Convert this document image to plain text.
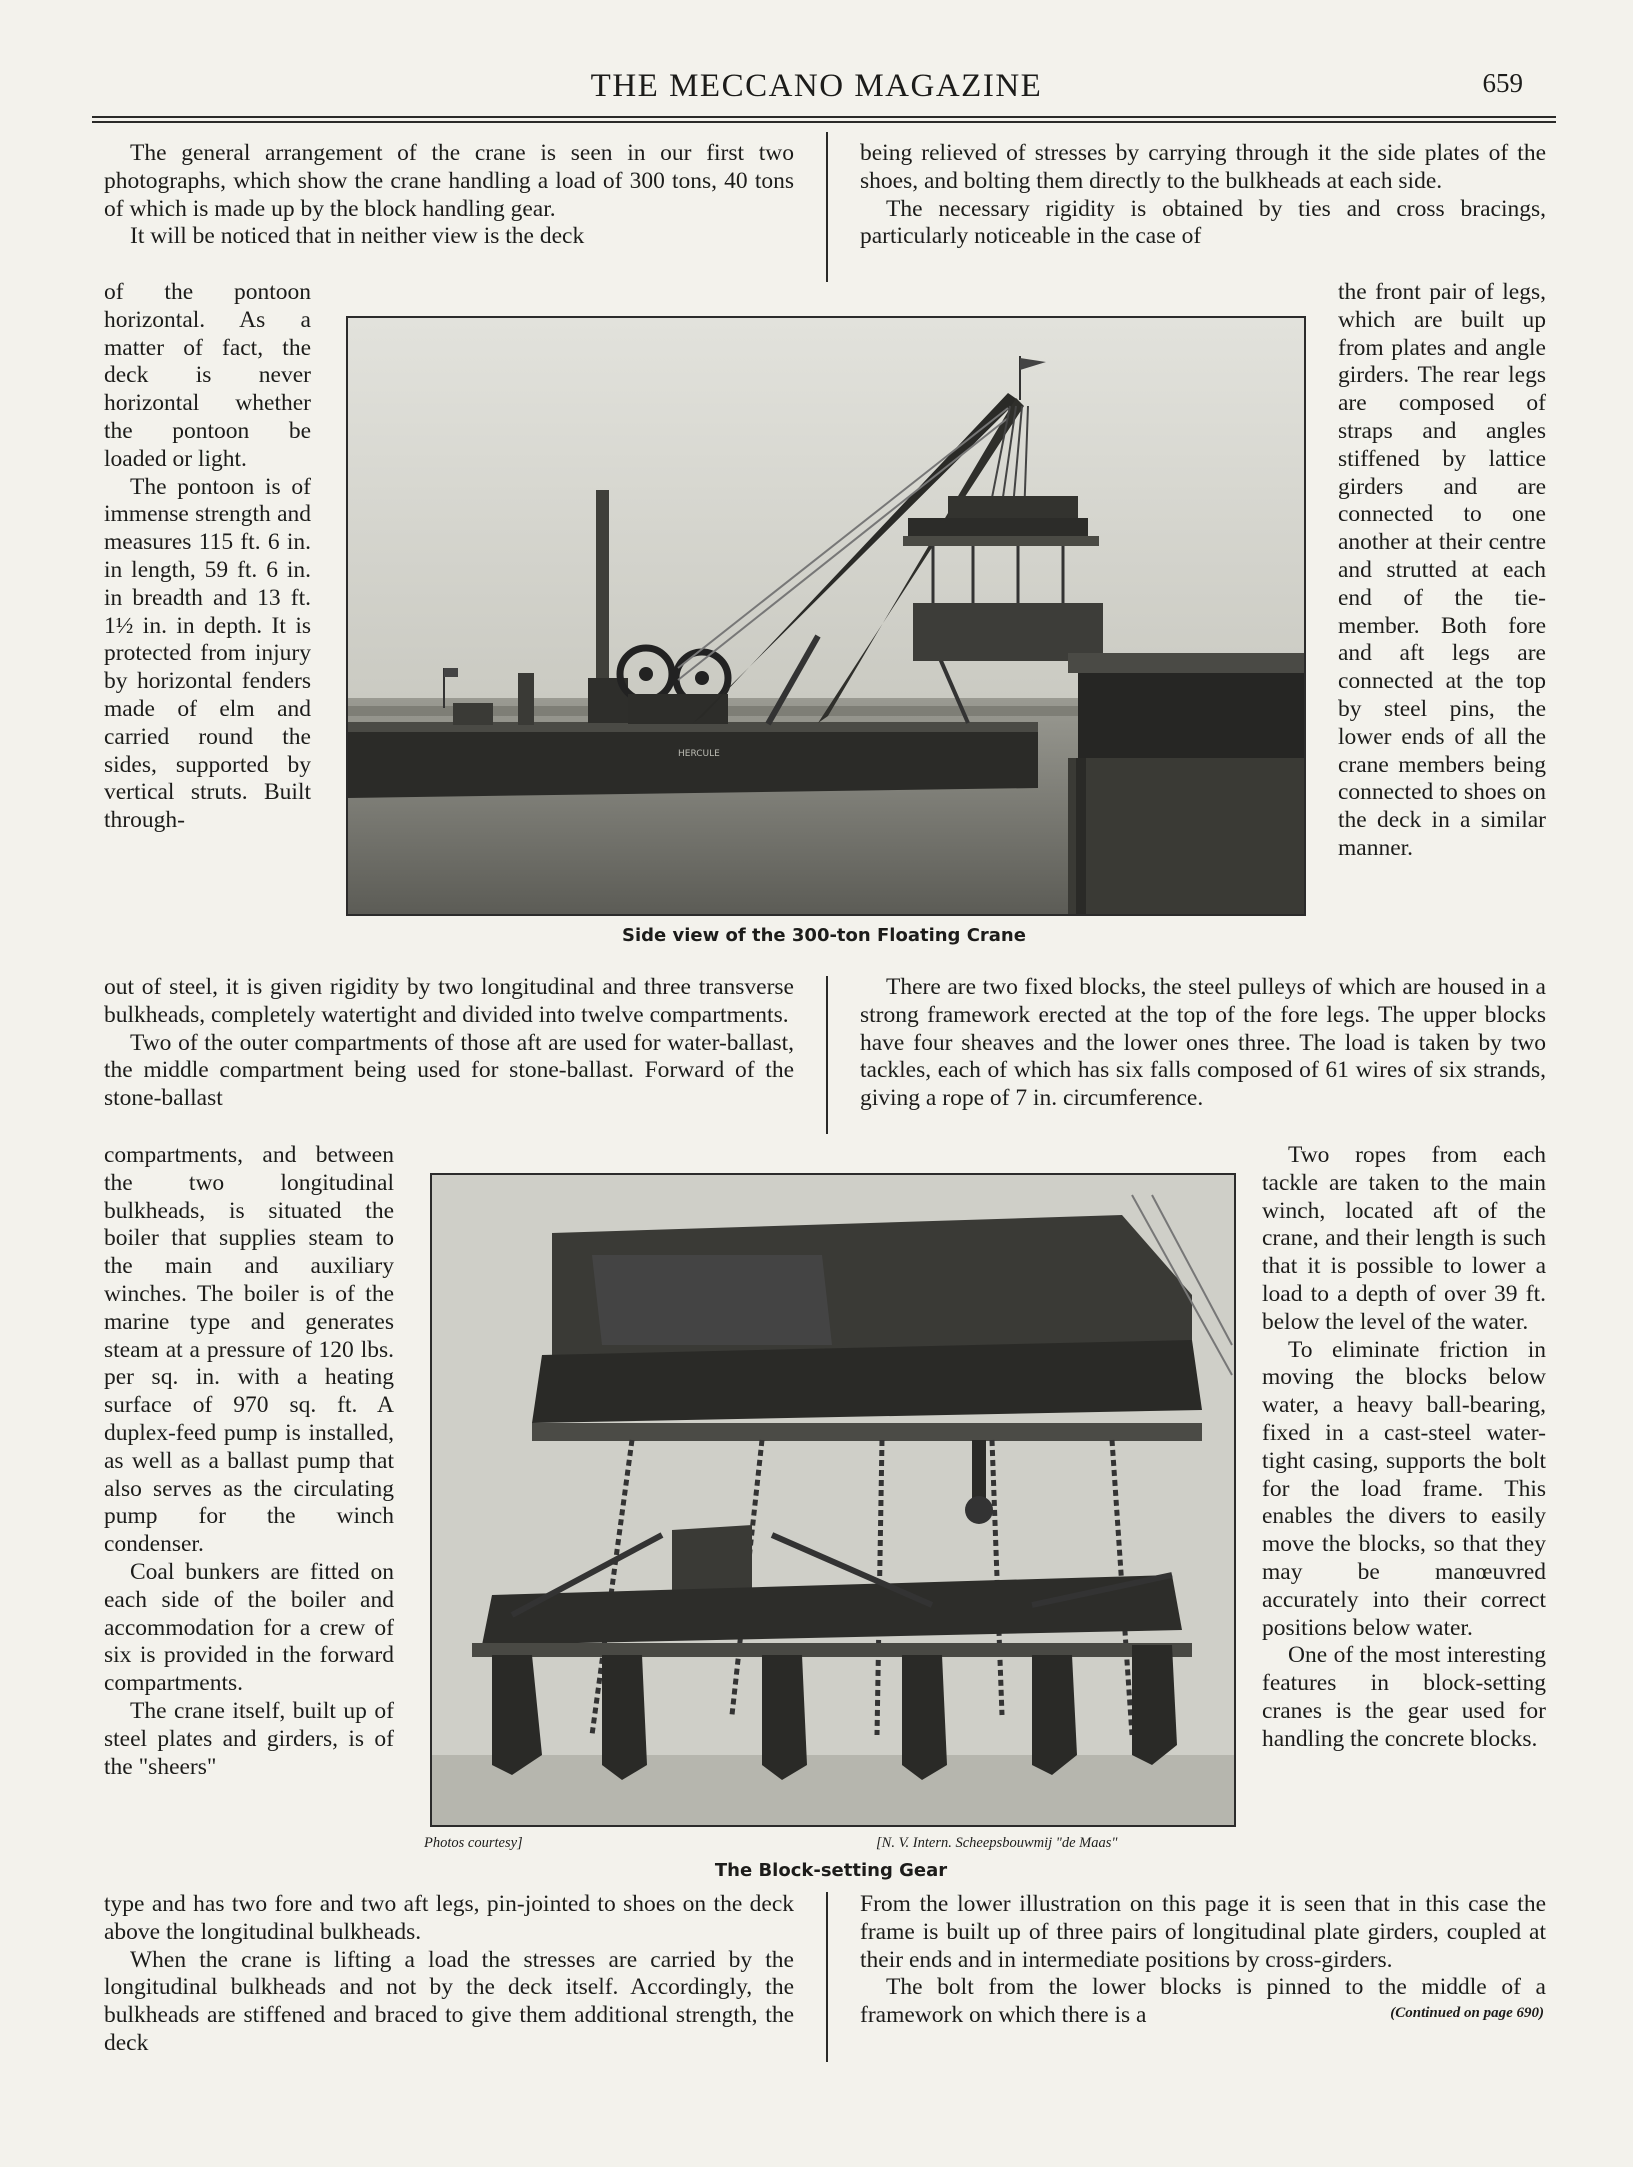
THE MECCANO MAGAZINE	659

The general arrangement of the crane is seen in our first two photographs, which show the crane handling a load of 300 tons, 40 tons of which is made up by the block handling gear.

It will be noticed that in neither view is the deck

of the pontoon horizontal. As a matter of fact, the deck is never horizontal whether the pontoon be loaded or light.

The pontoon is of immense strength and measures 115 ft. 6 in. in length, 59 ft. 6 in. in breadth and 13 ft. 1½ in. in depth. It is protected from injury by horizontal fenders made of elm and carried round the sides, supported by vertical struts. Built through-

out of steel, it is given rigidity by two longitudinal and three transverse bulkheads, completely watertight and divided into twelve compartments.

Two of the outer compartments of those aft are used for water-ballast, the middle compartment being used for stone-ballast. Forward of the stone-ballast

compartments, and between the two longitudinal bulkheads, is situated the boiler that supplies steam to the main and auxiliary winches. The boiler is of the marine type and generates steam at a pressure of 120 lbs. per sq. in. with a heating surface of 970 sq. ft. A duplex-feed pump is installed, as well as a ballast pump that also serves as the circulating pump for the winch condenser.

Coal bunkers are fitted on each side of the boiler and accommodation for a crew of six is provided in the forward compartments.

The crane itself, built up of steel plates and girders, is of the "sheers"

type and has two fore and two aft legs, pin-jointed to shoes on the deck above the longitudinal bulkheads.

When the crane is lifting a load the stresses are carried by the longitudinal bulkheads and not by the deck itself. Accordingly, the bulkheads are stiffened and braced to give them additional strength, the deck

being relieved of stresses by carrying through it the side plates of the shoes, and bolting them directly to the bulkheads at each side.

The necessary rigidity is obtained by ties and cross bracings, particularly noticeable in the case of

the front pair of legs, which are built up from plates and angle girders. The rear legs are composed of straps and angles stiffened by lattice girders and are connected to one another at their centre and strutted at each end of the tie-member. Both fore and aft legs are connected at the top by steel pins, the lower ends of all the crane members being connected to shoes on the deck in a similar manner.

There are two fixed blocks, the steel pulleys of which are housed in a strong framework erected at the top of the fore legs. The upper blocks have four sheaves and the lower ones three. The load is taken by two tackles, each of which has six falls composed of 61 wires of six strands, giving a rope of 7 in. circumference.

Two ropes from each tackle are taken to the main winch, located aft of the crane, and their length is such that it is possible to lower a load to a depth of over 39 ft. below the level of the water.

To eliminate friction in moving the blocks below water, a heavy ball-bearing, fixed in a cast-steel water-tight casing, supports the bolt for the load frame. This enables the divers to easily move the blocks, so that they may be manœuvred accurately into their correct positions below water.

One of the most interesting features in block-setting cranes is the gear used for handling the concrete blocks.

From the lower illustration on this page it is seen that in this case the frame is built up of three pairs of longitudinal plate girders, coupled at their ends and in intermediate positions by cross-girders.

The bolt from the lower blocks is pinned to the middle of a framework on which there is a	(Continued on page 690)
HERCULE
Side view of the 300-ton Floating Crane
Photos courtesy]	[N. V. Intern. Scheepsbouwmij "de Maas"
The Block-setting Gear
